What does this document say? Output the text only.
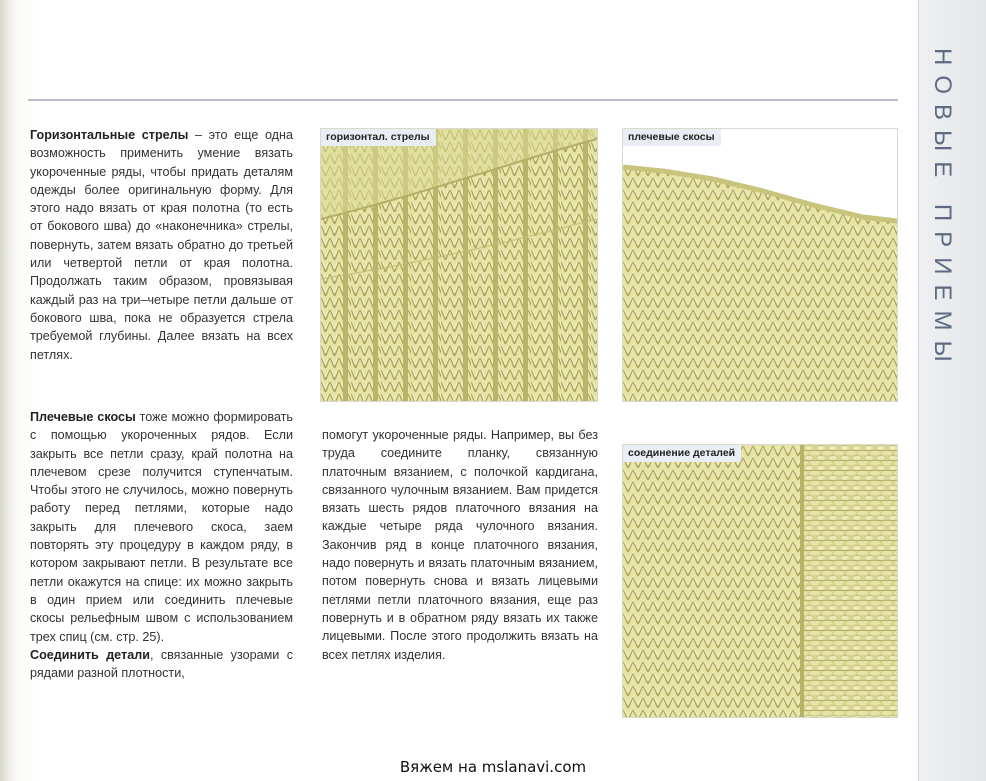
НОВЫЕ ПРИЕМЫ

Горизонтальные стрелы – это еще одна возможность применить умение вязать укороченные ряды, чтобы придать деталям одежды более оригинальную форму. Для этого надо вязать от края полотна (то есть от бокового шва) до «наконечника» стрелы, повернуть, затем вязать обратно до третьей или четвертой петли от края полотна. Продолжать таким образом, провязывая каждый раз на три–четыре петли дальше от бокового шва, пока не образуется стрела требуемой глубины. Далее вязать на всех петлях.

Плечевые скосы тоже можно формировать с помощью укороченных рядов. Если закрыть все петли сразу, край полотна на плечевом срезе получится ступенчатым. Чтобы этого не случилось, можно повернуть работу перед петлями, которые надо закрыть для плечевого скоса, заем повторять эту процедуру в каждом ряду, в котором закрывают петли. В результате все петли окажутся на спице: их можно закрыть в один прием или соединить плечевые скосы рельефным швом с использованием трех спиц (см. стр. 25).

Соединить детали, связанные узорами с рядами разной плотности,

помогут укороченные ряды. Например, вы без труда соедините планку, связанную платочным вязанием, с полочкой кардигана, связанного чулочным вязанием. Вам придется вязать шесть рядов платочного вязания на каждые четыре ряда чулочного вязания. Закончив ряд в конце платочного вязания, надо повернуть и вязать платочным вязанием, потом повернуть снова и вязать лицевыми петлями петли платочного вязания, еще раз повернуть и в обратном ряду вязать их также лицевыми. После этого продолжить вязать на всех петлях изделия.

горизонтал. стрелы	плечевые скосы
соединение деталей
Вяжем на mslanavi.com
